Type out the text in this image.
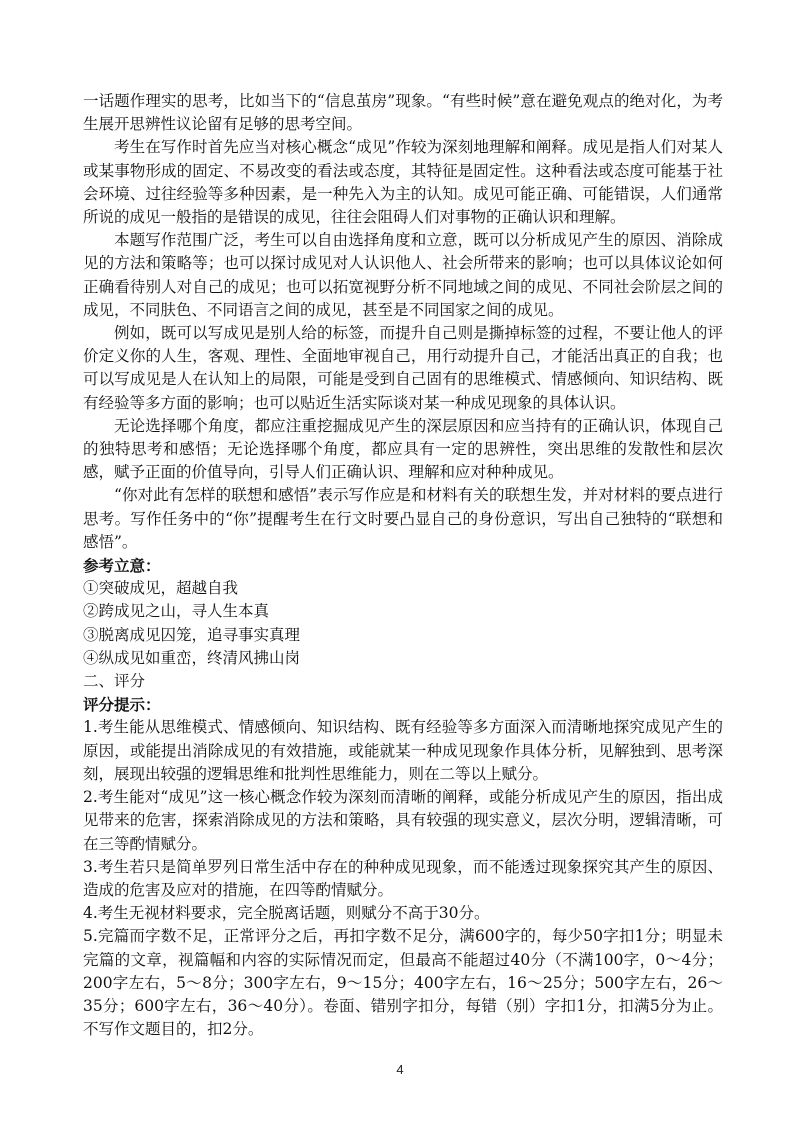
一话题作理实的思考，比如当下的“信息茧房”现象。“有些时候”意在避免观点的绝对化，为考生展开思辨性议论留有足够的思考空间。

考生在写作时首先应当对核心概念“成见”作较为深刻地理解和阐释。成见是指人们对某人或某事物形成的固定、不易改变的看法或态度，其特征是固定性。这种看法或态度可能基于社会环境、过往经验等多种因素，是一种先入为主的认知。成见可能正确、可能错误，人们通常所说的成见一般指的是错误的成见，往往会阻碍人们对事物的正确认识和理解。

本题写作范围广泛，考生可以自由选择角度和立意，既可以分析成见产生的原因、消除成见的方法和策略等；也可以探讨成见对人认识他人、社会所带来的影响；也可以具体议论如何正确看待别人对自己的成见；也可以拓宽视野分析不同地域之间的成见、不同社会阶层之间的成见，不同肤色、不同语言之间的成见，甚至是不同国家之间的成见。

例如，既可以写成见是别人给的标签，而提升自己则是撕掉标签的过程，不要让他人的评价定义你的人生，客观、理性、全面地审视自己，用行动提升自己，才能活出真正的自我；也可以写成见是人在认知上的局限，可能是受到自己固有的思维模式、情感倾向、知识结构、既有经验等多方面的影响；也可以贴近生活实际谈对某一种成见现象的具体认识。

无论选择哪个角度，都应注重挖掘成见产生的深层原因和应当持有的正确认识，体现自己的独特思考和感悟；无论选择哪个角度，都应具有一定的思辨性，突出思维的发散性和层次感，赋予正面的价值导向，引导人们正确认识、理解和应对种种成见。

“你对此有怎样的联想和感悟”表示写作应是和材料有关的联想生发，并对材料的要点进行思考。写作任务中的“你”提醒考生在行文时要凸显自己的身份意识，写出自己独特的“联想和感悟”。

参考立意：

①突破成见，超越自我

②跨成见之山，寻人生本真

③脱离成见囚笼，追寻事实真理

④纵成见如重峦，终清风拂山岗

二、评分

评分提示：

1.考生能从思维模式、情感倾向、知识结构、既有经验等多方面深入而清晰地探究成见产生的原因，或能提出消除成见的有效措施，或能就某一种成见现象作具体分析，见解独到、思考深刻，展现出较强的逻辑思维和批判性思维能力，则在二等以上赋分。

2.考生能对“成见”这一核心概念作较为深刻而清晰的阐释，或能分析成见产生的原因，指出成见带来的危害，探索消除成见的方法和策略，具有较强的现实意义，层次分明，逻辑清晰，可在三等酌情赋分。

3.考生若只是简单罗列日常生活中存在的种种成见现象，而不能透过现象探究其产生的原因、造成的危害及应对的措施，在四等酌情赋分。

4.考生无视材料要求，完全脱离话题，则赋分不高于30分。

5.完篇而字数不足，正常评分之后，再扣字数不足分，满600字的，每少50字扣1分；明显未完篇的文章，视篇幅和内容的实际情况而定，但最高不能超过40分（不满100字，0～4分；200字左右，5～8分；300字左右，9～15分；400字左右，16～25分；500字左右，26～35分；600字左右，36～40分）。卷面、错别字扣分，每错（别）字扣1分，扣满5分为止。不写作文题目的，扣2分。

4
